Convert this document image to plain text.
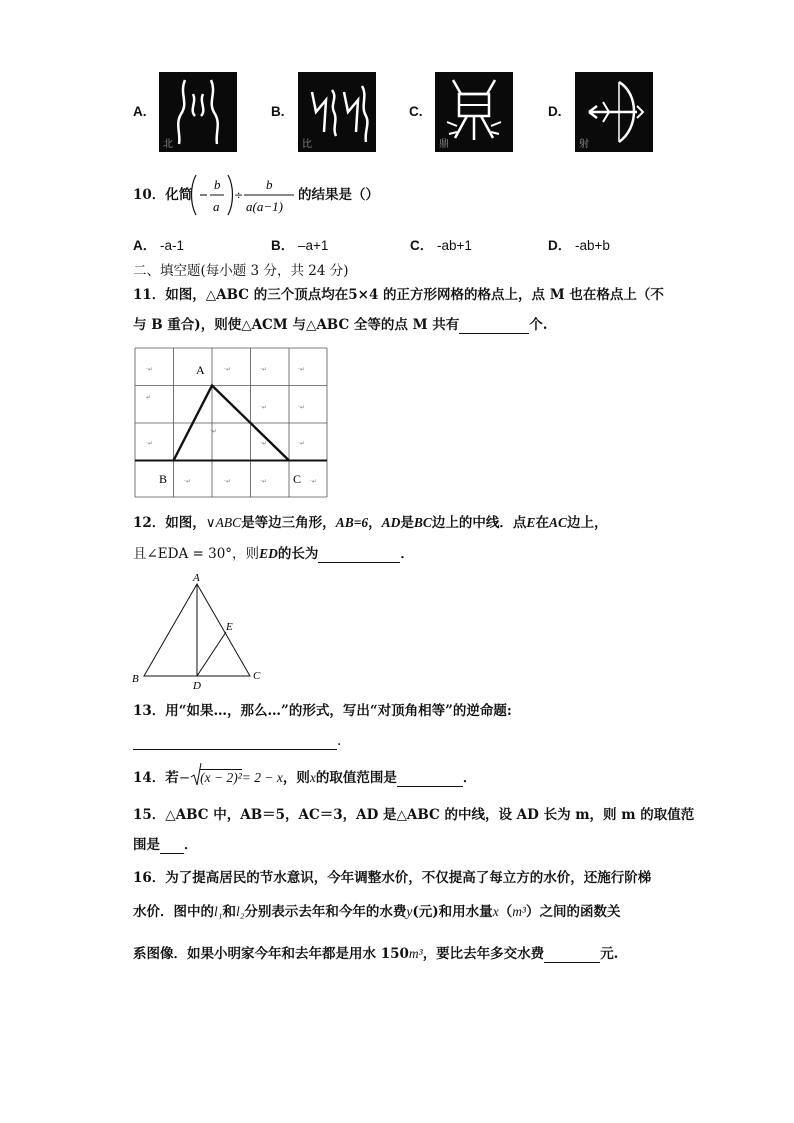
A.
北
B.
比
C.
鼎
D.
射
10．化简
b
a
÷
b
a(a−1)
的结果是（）
A． -a-1	B． –a+1	C． -ab+1	D． -ab+b
二、填空题(每小题 3 分，共 24 分)
11．如图，△ABC 的三个顶点均在5×4 的正方形网格的格点上，点 M 也在格点上（不
与 B 重合)，则使△ACM 与△ABC 全等的点 M 共有	个.
·↵	·↵	·↵	·↵
↵
·↵	·↵
·↵
·↵
·↵	·↵
·↵	·↵	·↵	·↵
A
B	C
12．如图，∨ABC是等边三角形，AB=6，AD是BC边上的中线．点E在AC边上，
且∠EDA = 30°，则ED的长为	．
A
B	C
D
E
13．用“如果…，那么…”的形式，写出“对顶角相等”的逆命题:
.
14．若− (x − 2)²= 2 − x，则x的取值范围是	．
15．△ABC 中，AB＝5，AC＝3，AD 是△ABC 的中线，设 AD 长为 m，则 m 的取值范
围是 ．
16．为了提高居民的节水意识，今年调整水价，不仅提高了每立方的水价，还施行阶梯
水价．图中的l₁和l₂分别表示去年和今年的水费y(元)和用水量x（m³）之间的函数关
系图像．如果小明家今年和去年都是用水 150m³，要比去年多交水费	元.
